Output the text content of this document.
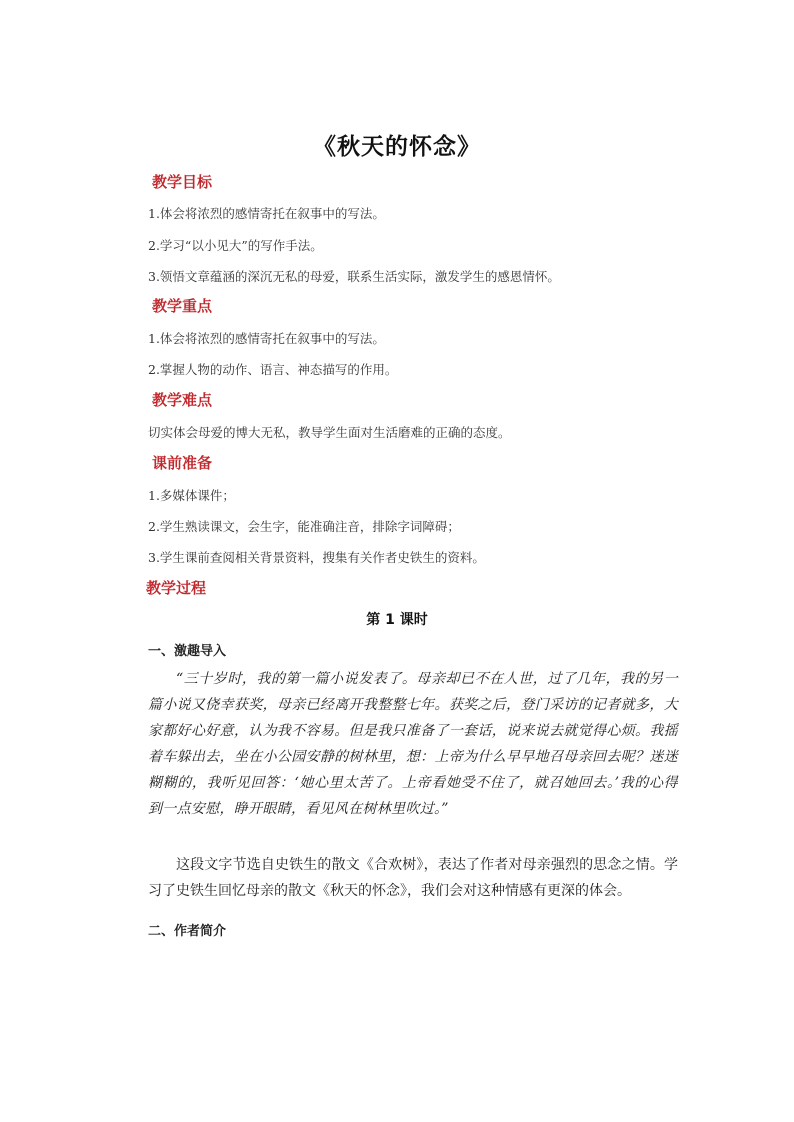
《秋天的怀念》
教学目标
1.体会将浓烈的感情寄托在叙事中的写法。
2.学习“以小见大”的写作手法。
3.领悟文章蕴涵的深沉无私的母爱，联系生活实际，激发学生的感恩情怀。
教学重点
1.体会将浓烈的感情寄托在叙事中的写法。
2.掌握人物的动作、语言、神态描写的作用。
教学难点
切实体会母爱的博大无私，教导学生面对生活磨难的正确的态度。
课前准备
1.多媒体课件；
2.学生熟读课文，会生字，能准确注音，排除字词障碍；
3.学生课前查阅相关背景资料，搜集有关作者史铁生的资料。
教学过程
第 1 课时
一、激趣导入
“三十岁时，我的第一篇小说发表了。母亲却已不在人世，过了几年，我的另一篇小说又侥幸获奖，母亲已经离开我整整七年。获奖之后，登门采访的记者就多，大家都好心好意，认为我不容易。但是我只准备了一套话，说来说去就觉得心烦。我摇着车躲出去，坐在小公园安静的树林里，想：上帝为什么早早地召母亲回去呢？迷迷糊糊的，我听见回答：‘她心里太苦了。上帝看她受不住了，就召她回去。’我的心得到一点安慰，睁开眼睛，看见风在树林里吹过。”
这段文字节选自史铁生的散文《合欢树》，表达了作者对母亲强烈的思念之情。学习了史铁生回忆母亲的散文《秋天的怀念》，我们会对这种情感有更深的体会。
二、作者简介
